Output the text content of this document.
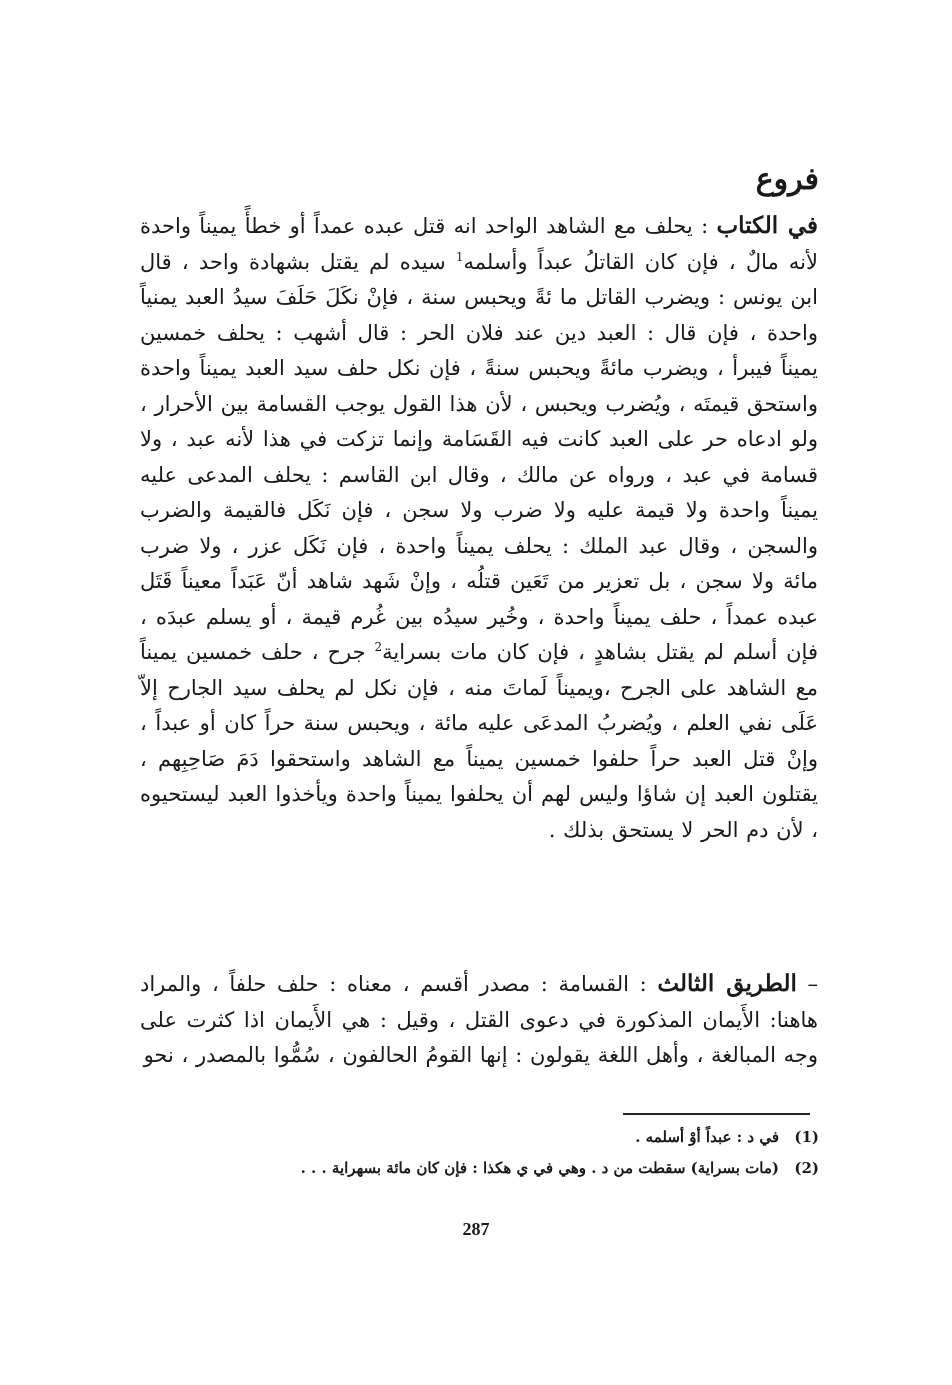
فروع

في الكتاب : يحلف مع الشاهد الواحد انه قتل عبده عمداً أو خطأً يميناً واحدة لأنه مالٌ ، فإن كان القاتلُ عبداً وأسلمه$^1$ سيده لم يقتل بشهادة واحد ، قال ابن يونس : ويضرب القاتل ما ئةً ويحبس سنة ، فإنْ نكَلَ حَلَفَ سيدُ العبد يمنياً واحدة ، فإن قال : العبد دين عند فلان الحر : قال أشهب : يحلف خمسين يميناً فيبرأ ، ويضرب مائةً ويحبس سنةً ، فإن نكل حلف سيد العبد يميناً واحدة واستحق قيمتَه ، ويُضرب ويحبس ، لأن هذا القول يوجب القسامة بين الأحرار ، ولو ادعاه حر على العبد كانت فيه القَسَامة وإنما تزكت في هذا لأنه عبد ، ولا قسامة في عبد ، ورواه عن مالك ، وقال ابن القاسم : يحلف المدعى عليه يميناً واحدة ولا قيمة عليه ولا ضرب ولا سجن ، فإن نَكَل فالقيمة والضرب والسجن ، وقال عبد الملك : يحلف يميناً واحدة ، فإن نَكَل عزر ، ولا ضرب مائة ولا سجن ، بل تعزير من تَعَين قتلُه ، وإنْ شَهد شاهد أنّ عَبَداً معيناً قَتَل عبده عمداً ، حلف يميناً واحدة ، وخُير سيدُه بين غُرم قيمة ، أو يسلم عبدَه ، فإن أسلم لم يقتل بشاهدٍ ، فإن كان مات بسراية$^2$ جرح ، حلف خمسين يميناً مع الشاهد على الجرح ،ويميناً لَماتَ منه ، فإن نكل لم يحلف سيد الجارح إلاّ عَلَى نفي العلم ، ويُضربُ المدعَى عليه مائة ، ويحبس سنة حراً كان أو عبداً ، وإنْ قتل العبد حراً حلفوا خمسين يميناً مع الشاهد واستحقوا دَمَ صَاحِبِهم ، يقتلون العبد إن شاؤا وليس لهم أن يحلفوا يميناً واحدة ويأخذوا العبد ليستحيوه ، لأن دم الحر لا يستحق بذلك .

– الطريق الثالث : القسامة : مصدر أقسم ، معناه : حلف حلفاً ، والمراد هاهنا: الأَيمان المذكورة في دعوى القتل ، وقيل : هي الأَيمان اذا كثرت على وجه المبالغة ، وأهل اللغة يقولون : إنها القومُ الحالفون ، سُمُّوا بالمصدر ، نحو

(1)في د : عبداً أوْ أسلمه .
(2)(مات بسراية) سقطت من د . وهي في ي هكذا : فإن كان مائة بسهراية . . .
287
